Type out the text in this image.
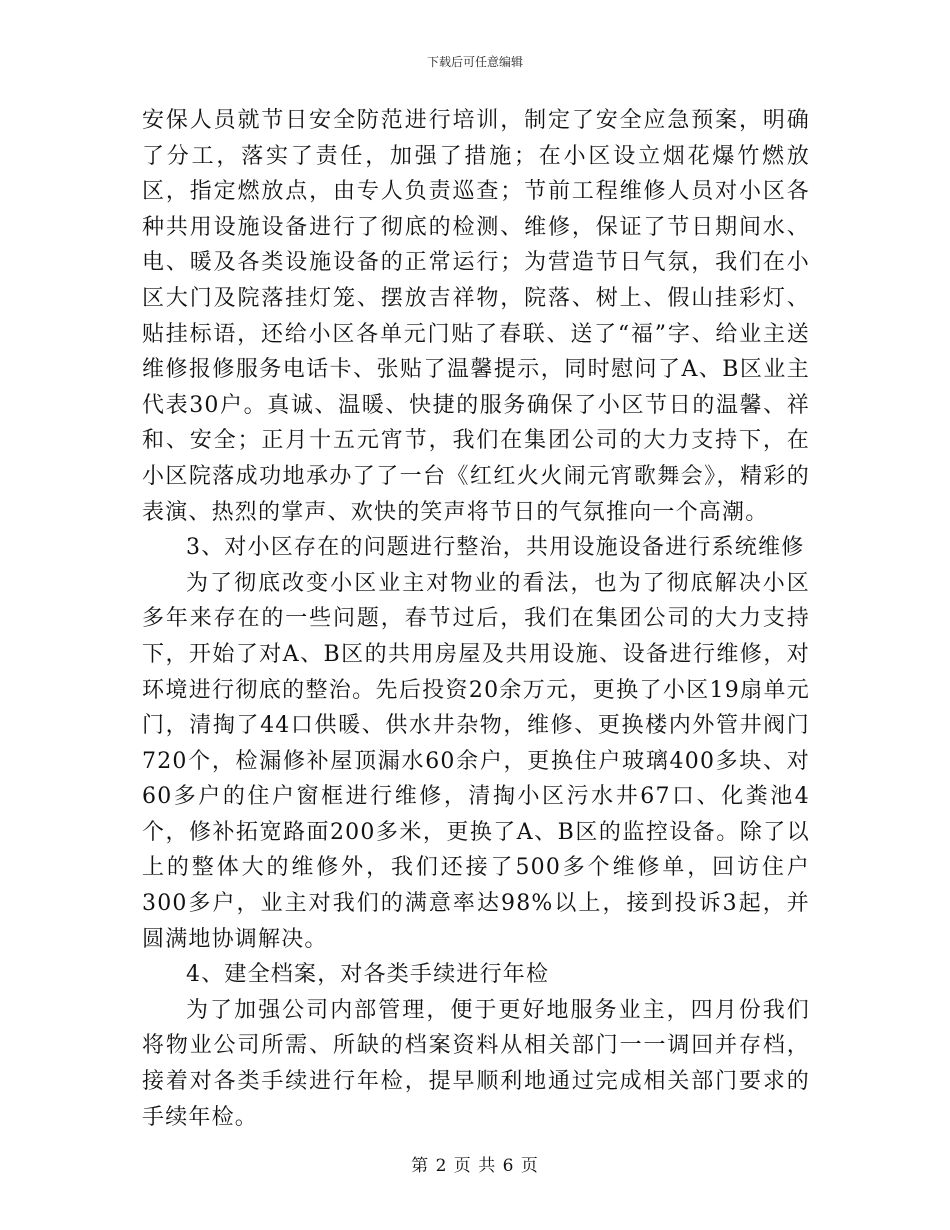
下载后可任意编辑

安保人员就节日安全防范进行培训，制定了安全应急预案，明确了分工，落实了责任，加强了措施；在小区设立烟花爆竹燃放区，指定燃放点，由专人负责巡查；节前工程维修人员对小区各种共用设施设备进行了彻底的检测、维修，保证了节日期间水、电、暖及各类设施设备的正常运行；为营造节日气氛，我们在小区大门及院落挂灯笼、摆放吉祥物，院落、树上、假山挂彩灯、贴挂标语，还给小区各单元门贴了春联、送了“福”字、给业主送维修报修服务电话卡、张贴了温馨提示，同时慰问了A、B区业主代表30户。真诚、温暖、快捷的服务确保了小区节日的温馨、祥和、安全；正月十五元宵节，我们在集团公司的大力支持下，在小区院落成功地承办了了一台《红红火火闹元宵歌舞会》，精彩的表演、热烈的掌声、欢快的笑声将节日的气氛推向一个高潮。

3、对小区存在的问题进行整治，共用设施设备进行系统维修

为了彻底改变小区业主对物业的看法，也为了彻底解决小区多年来存在的一些问题，春节过后，我们在集团公司的大力支持下，开始了对A、B区的共用房屋及共用设施、设备进行维修，对环境进行彻底的整治。先后投资20余万元，更换了小区19扇单元门，清掏了44口供暖、供水井杂物，维修、更换楼内外管井阀门720个，检漏修补屋顶漏水60余户，更换住户玻璃400多块、对60多户的住户窗框进行维修，清掏小区污水井67口、化粪池4个，修补拓宽路面200多米，更换了A、B区的监控设备。除了以上的整体大的维修外，我们还接了500多个维修单，回访住户300多户，业主对我们的满意率达98%以上，接到投诉3起，并圆满地协调解决。

4、建全档案，对各类手续进行年检

为了加强公司内部管理，便于更好地服务业主，四月份我们将物业公司所需、所缺的档案资料从相关部门一一调回并存档，接着对各类手续进行年检，提早顺利地通过完成相关部门要求的手续年检。

第 2 页 共 6 页
